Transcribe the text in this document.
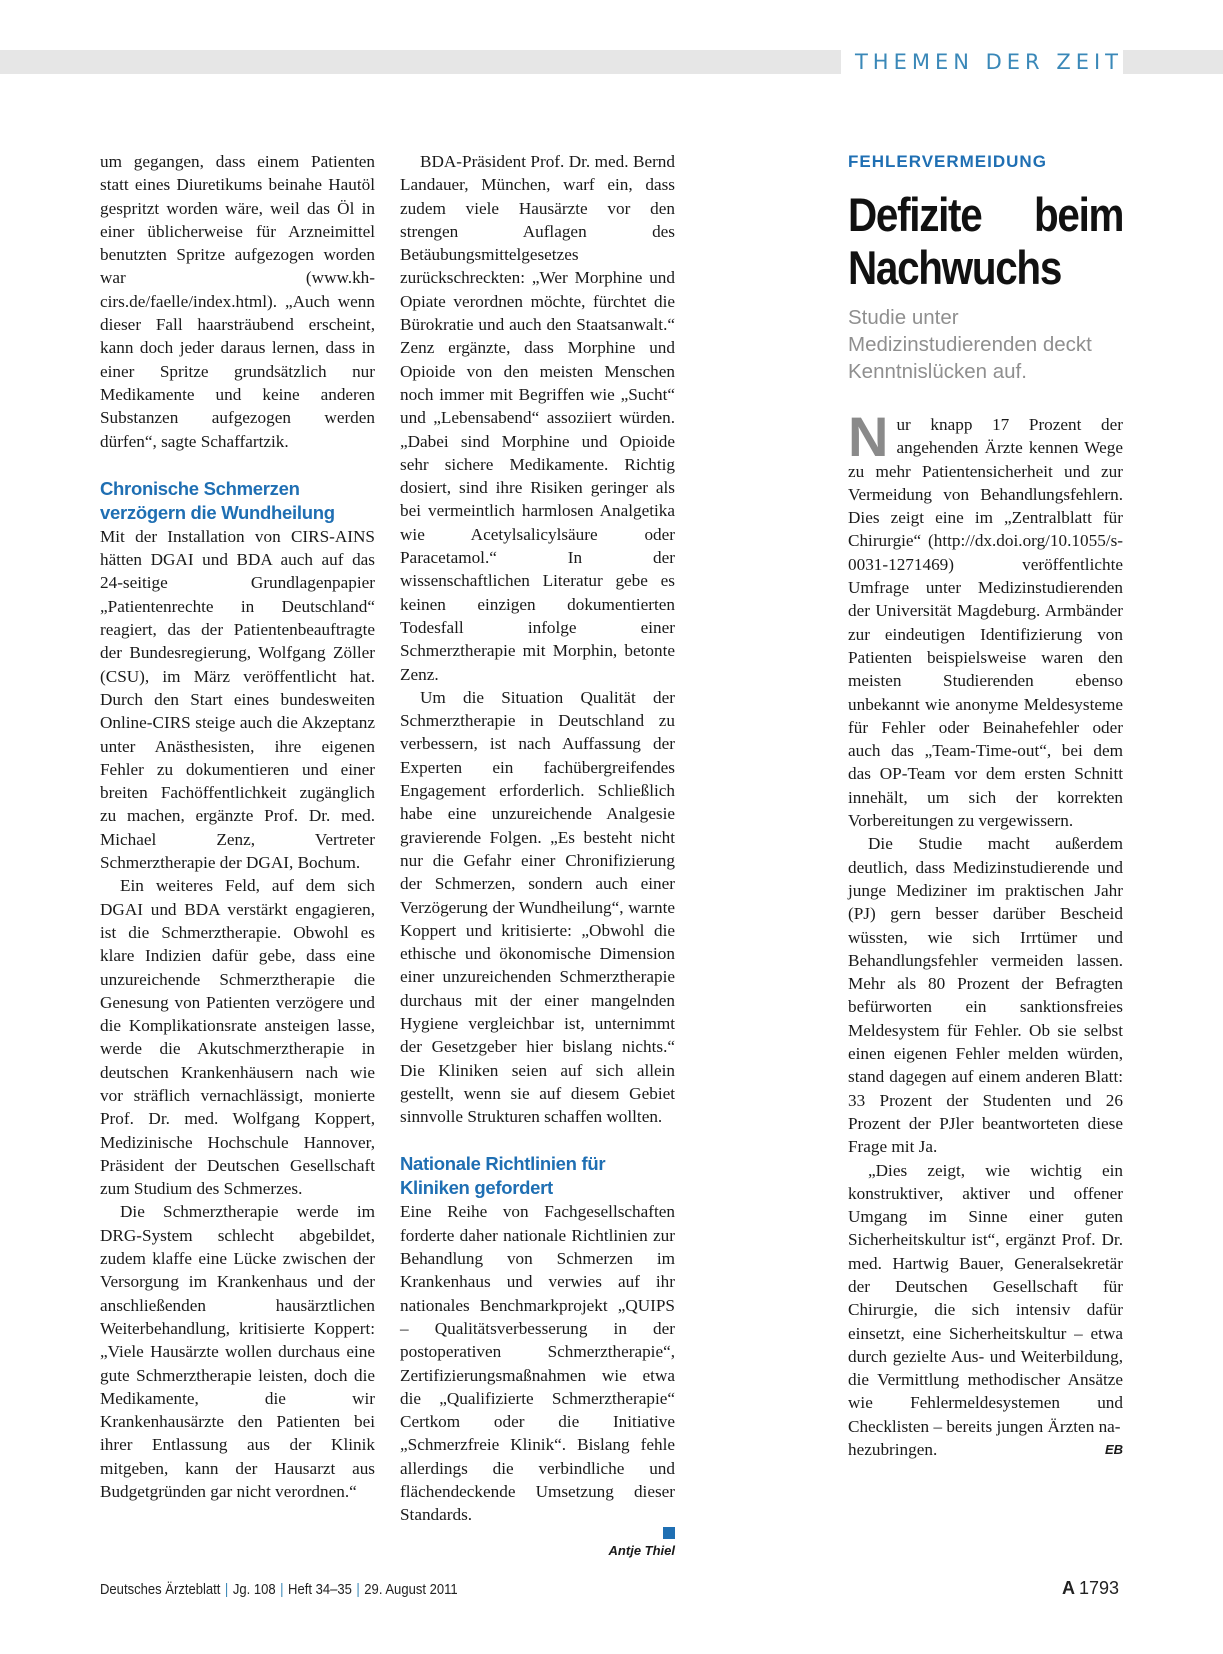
THEMEN DER ZEIT

um gegangen, dass einem Patienten statt eines Diuretikums beinahe Hautöl gespritzt worden wäre, weil das Öl in einer üblicherweise für Arzneimittel benutzten Spritze aufgezogen worden war (www.kh-cirs.de/faelle/index.html). „Auch wenn dieser Fall haarsträubend erscheint, kann doch jeder daraus lernen, dass in einer Spritze grundsätzlich nur Medikamente und keine anderen Substanzen aufgezogen werden dürfen“, sagte Schaffartzik.

Chronische Schmerzen verzögern die Wundheilung

Mit der Installation von CIRS-AINS hätten DGAI und BDA auch auf das 24-seitige Grundlagenpapier „Patientenrechte in Deutschland“ reagiert, das der Patientenbeauftragte der Bundesregierung, Wolfgang Zöller (CSU), im März veröffentlicht hat. Durch den Start eines bundesweiten Online-CIRS steige auch die Akzeptanz unter Anästhesisten, ihre eigenen Fehler zu dokumentieren und einer breiten Fachöffentlichkeit zugänglich zu machen, ergänzte Prof. Dr. med. Michael Zenz, Vertreter Schmerztherapie der DGAI, Bochum.

Ein weiteres Feld, auf dem sich DGAI und BDA verstärkt engagieren, ist die Schmerztherapie. Obwohl es klare Indizien dafür gebe, dass eine unzureichende Schmerztherapie die Genesung von Patienten verzögere und die Komplikationsrate ansteigen lasse, werde die Akutschmerztherapie in deutschen Krankenhäusern nach wie vor sträflich vernachlässigt, monierte Prof. Dr. med. Wolfgang Koppert, Medizinische Hochschule Hannover, Präsident der Deutschen Gesellschaft zum Studium des Schmerzes.

Die Schmerztherapie werde im DRG-System schlecht abgebildet, zudem klaffe eine Lücke zwischen der Versorgung im Krankenhaus und der anschließenden hausärztlichen Weiterbehandlung, kritisierte Koppert: „Viele Hausärzte wollen durchaus eine gute Schmerztherapie leisten, doch die Medikamente, die wir Krankenhausärzte den Patienten bei ihrer Entlassung aus der Klinik mitgeben, kann der Hausarzt aus Budgetgründen gar nicht verordnen.“

BDA-Präsident Prof. Dr. med. Bernd Landauer, München, warf ein, dass zudem viele Hausärzte vor den strengen Auflagen des Betäubungsmittelgesetzes zurückschreckten: „Wer Morphine und Opiate verordnen möchte, fürchtet die Bürokratie und auch den Staatsanwalt.“ Zenz ergänzte, dass Morphine und Opioide von den meisten Menschen noch immer mit Begriffen wie „Sucht“ und „Lebensabend“ assoziiert würden. „Dabei sind Morphine und Opioide sehr sichere Medikamente. Richtig dosiert, sind ihre Risiken geringer als bei vermeintlich harmlosen Analgetika wie Acetylsalicylsäure oder Paracetamol.“ In der wissenschaftlichen Literatur gebe es keinen einzigen dokumentierten Todesfall infolge einer Schmerztherapie mit Morphin, betonte Zenz.

Um die Situation Qualität der Schmerztherapie in Deutschland zu verbessern, ist nach Auffassung der Experten ein fachübergreifendes Engagement erforderlich. Schließlich habe eine unzureichende Analgesie gravierende Folgen. „Es besteht nicht nur die Gefahr einer Chronifizierung der Schmerzen, sondern auch einer Verzögerung der Wundheilung“, warnte Koppert und kritisierte: „Obwohl die ethische und ökonomische Dimension einer unzureichenden Schmerztherapie durchaus mit der einer mangelnden Hygiene vergleichbar ist, unternimmt der Gesetzgeber hier bislang nichts.“ Die Kliniken seien auf sich allein gestellt, wenn sie auf diesem Gebiet sinnvolle Strukturen schaffen wollten.

Nationale Richtlinien für Kliniken gefordert

Eine Reihe von Fachgesellschaften forderte daher nationale Richtlinien zur Behandlung von Schmerzen im Krankenhaus und verwies auf ihr nationales Benchmarkprojekt „QUIPS – Qualitätsverbesserung in der postoperativen Schmerztherapie“, Zertifizierungsmaßnahmen wie etwa die „Qualifizierte Schmerztherapie“ Certkom oder die Initiative „Schmerzfreie Klinik“. Bislang fehle allerdings die verbindliche und flächendeckende Umsetzung dieser Standards.

Antje Thiel
FEHLERVERMEIDUNG
Defizite beim Nachwuchs
Studie unter Medizinstudierenden deckt Kenntnislücken auf.

Nur knapp 17 Prozent der angehenden Ärzte kennen Wege zu mehr Patientensicherheit und zur Vermeidung von Behandlungsfehlern. Dies zeigt eine im „Zentralblatt für Chirurgie“ (http://dx.doi.org/10.1055/s-0031-1271469) veröffentlichte Umfrage unter Medizinstudierenden der Universität Magdeburg. Armbänder zur eindeutigen Identifizierung von Patienten beispielsweise waren den meisten Studierenden ebenso unbekannt wie anonyme Meldesysteme für Fehler oder Beinahefehler oder auch das „Team-Time-out“, bei dem das OP-Team vor dem ersten Schnitt innehält, um sich der korrekten Vorbereitungen zu vergewissern.

Die Studie macht außerdem deutlich, dass Medizinstudierende und junge Mediziner im praktischen Jahr (PJ) gern besser darüber Bescheid wüssten, wie sich Irrtümer und Behandlungsfehler vermeiden lassen. Mehr als 80 Prozent der Befragten befürworten ein sanktionsfreies Meldesystem für Fehler. Ob sie selbst einen eigenen Fehler melden würden, stand dagegen auf einem anderen Blatt: 33 Prozent der Studenten und 26 Prozent der PJler beantworteten diese Frage mit Ja.

„Dies zeigt, wie wichtig ein konstruktiver, aktiver und offener Umgang im Sinne einer guten Sicherheitskultur ist“, ergänzt Prof. Dr. med. Hartwig Bauer, Generalsekretär der Deutschen Gesellschaft für Chirurgie, die sich intensiv dafür einsetzt, eine Sicherheitskultur – etwa durch gezielte Aus- und Weiterbildung, die Vermittlung methodischer Ansätze wie Fehlermeldesystemen und Checklisten – bereits jungen Ärzten na-

hezubringen.	EB
Deutsches Ärzteblatt | Jg. 108 | Heft 34–35 | 29. August 2011	A 1793
